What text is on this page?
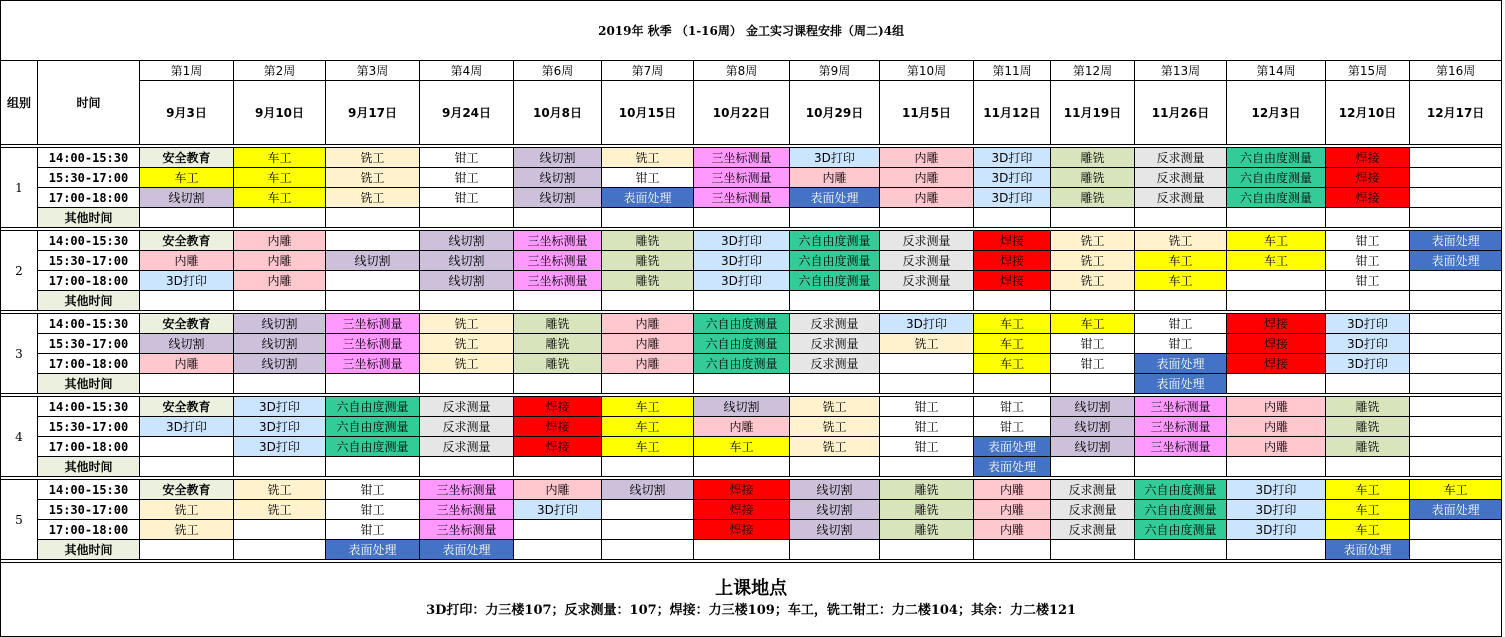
2019年 秋季 （1-16周） 金工实习课程安排（周二)4组																
组别	时间	第1周	第2周	第3周	第4周	第6周	第7周	第8周	第9周	第10周	第11周	第12周	第13周	第14周	第15周	第16周
		9月3日	9月10日	9月17日	9月24日	10月8日	10月15日	10月22日	10月29日	11月5日	11月12日	11月19日	11月26日	12月3日	12月10日	12月17日

1	14:00-15:30	安全教育	车工	铣工	钳工	线切割	铣工	三坐标测量	3D打印	内雕	3D打印	雕铣	反求测量	六自由度测量	焊接	
	15:30-17:00	车工	车工	铣工	钳工	线切割	钳工	三坐标测量	内雕	内雕	3D打印	雕铣	反求测量	六自由度测量	焊接	
	17:00-18:00	线切割	车工	铣工	钳工	线切割	表面处理	三坐标测量	表面处理	内雕	3D打印	雕铣	反求测量	六自由度测量	焊接	
	其他时间															

2	14:00-15:30	安全教育	内雕		线切割	三坐标测量	雕铣	3D打印	六自由度测量	反求测量	焊接	铣工	铣工	车工	钳工	表面处理
	15:30-17:00	内雕	内雕	线切割	线切割	三坐标测量	雕铣	3D打印	六自由度测量	反求测量	焊接	铣工	车工	车工	钳工	表面处理
	17:00-18:00	3D打印	内雕		线切割	三坐标测量	雕铣	3D打印	六自由度测量	反求测量	焊接	铣工	车工		钳工	
	其他时间															

3	14:00-15:30	安全教育	线切割	三坐标测量	铣工	雕铣	内雕	六自由度测量	反求测量	3D打印	车工	车工	钳工	焊接	3D打印	
	15:30-17:00	线切割	线切割	三坐标测量	铣工	雕铣	内雕	六自由度测量	反求测量	铣工	车工	钳工	钳工	焊接	3D打印	
	17:00-18:00	内雕	线切割	三坐标测量	铣工	雕铣	内雕	六自由度测量	反求测量		车工	钳工	表面处理	焊接	3D打印	
	其他时间												表面处理			

4	14:00-15:30	安全教育	3D打印	六自由度测量	反求测量	焊接	车工	线切割	铣工	钳工	钳工	线切割	三坐标测量	内雕	雕铣	
	15:30-17:00	3D打印	3D打印	六自由度测量	反求测量	焊接	车工	内雕	铣工	钳工	钳工	线切割	三坐标测量	内雕	雕铣	
	17:00-18:00		3D打印	六自由度测量	反求测量	焊接	车工	车工	铣工	钳工	表面处理	线切割	三坐标测量	内雕	雕铣	
	其他时间										表面处理					

5	14:00-15:30	安全教育	铣工	钳工	三坐标测量	内雕	线切割	焊接	线切割	雕铣	内雕	反求测量	六自由度测量	3D打印	车工	车工
	15:30-17:00	铣工	铣工	钳工	三坐标测量	3D打印		焊接	线切割	雕铣	内雕	反求测量	六自由度测量	3D打印	车工	表面处理
	17:00-18:00	铣工		钳工	三坐标测量			焊接	线切割	雕铣	内雕	反求测量	六自由度测量	3D打印	车工	
	其他时间			表面处理	表面处理										表面处理	

上课地点
3D打印：力三楼107；反求测量：107；焊接：力三楼109；车工，铣工钳工：力二楼104；其余：力二楼121																
